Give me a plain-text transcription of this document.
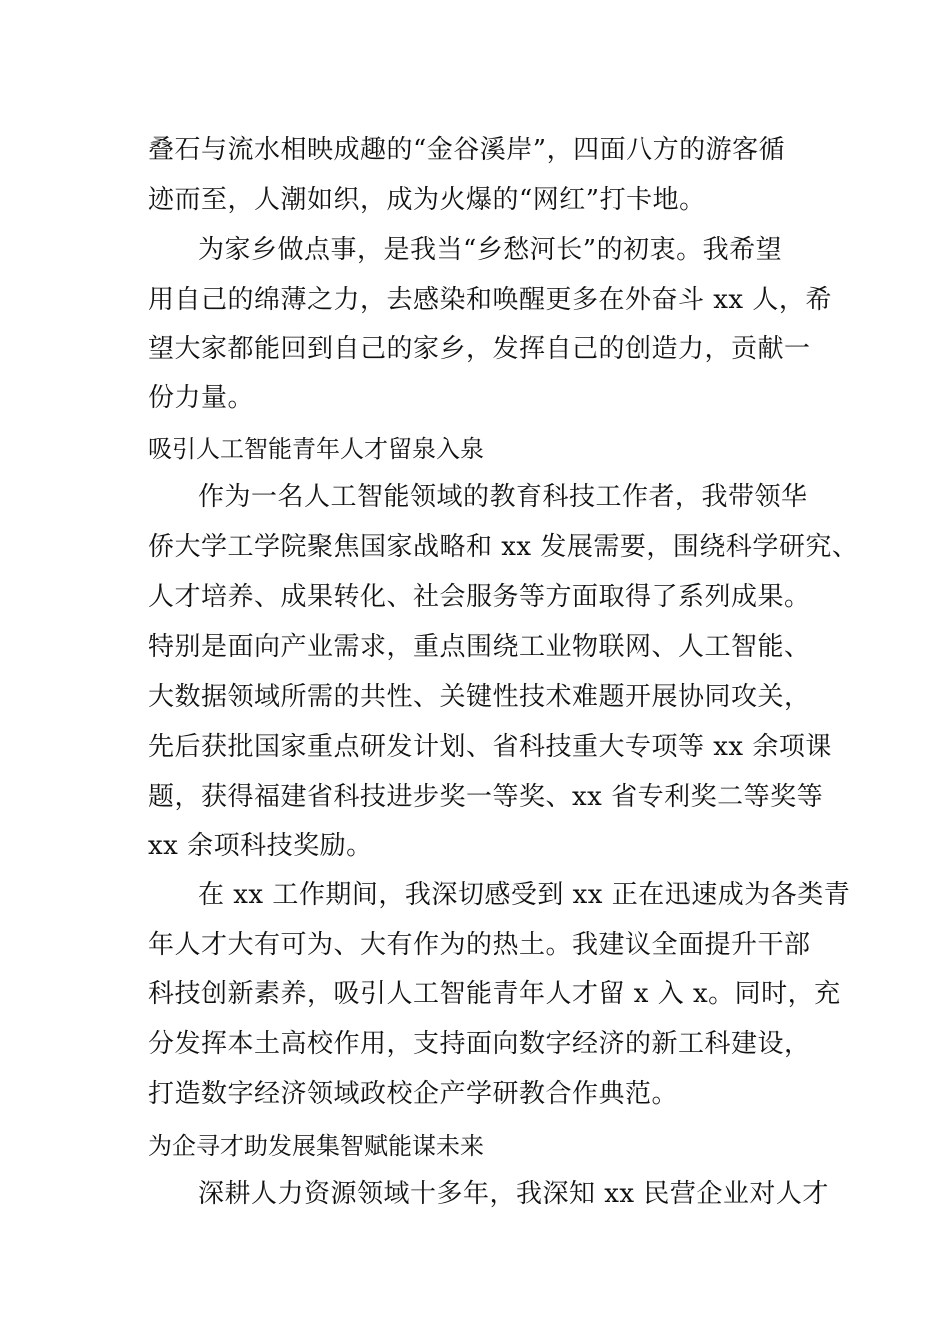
叠石与流水相映成趣的“金谷溪岸”，四面八方的游客循
迹而至，人潮如织，成为火爆的“网红”打卡地。
为家乡做点事，是我当“乡愁河长”的初衷。我希望
用自己的绵薄之力，去感染和唤醒更多在外奋斗 xx 人，希
望大家都能回到自己的家乡，发挥自己的创造力，贡献一
份力量。
吸引人工智能青年人才留泉入泉
作为一名人工智能领域的教育科技工作者，我带领华
侨大学工学院聚焦国家战略和 xx 发展需要，围绕科学研究、
人才培养、成果转化、社会服务等方面取得了系列成果。
特别是面向产业需求，重点围绕工业物联网、人工智能、
大数据领域所需的共性、关键性技术难题开展协同攻关，
先后获批国家重点研发计划、省科技重大专项等 xx 余项课
题，获得福建省科技进步奖一等奖、xx 省专利奖二等奖等
xx 余项科技奖励。
在 xx 工作期间，我深切感受到 xx 正在迅速成为各类青
年人才大有可为、大有作为的热土。我建议全面提升干部
科技创新素养，吸引人工智能青年人才留 x 入 x。同时，充
分发挥本土高校作用，支持面向数字经济的新工科建设，
打造数字经济领域政校企产学研教合作典范。
为企寻才助发展集智赋能谋未来
深耕人力资源领域十多年，我深知 xx 民营企业对人才
